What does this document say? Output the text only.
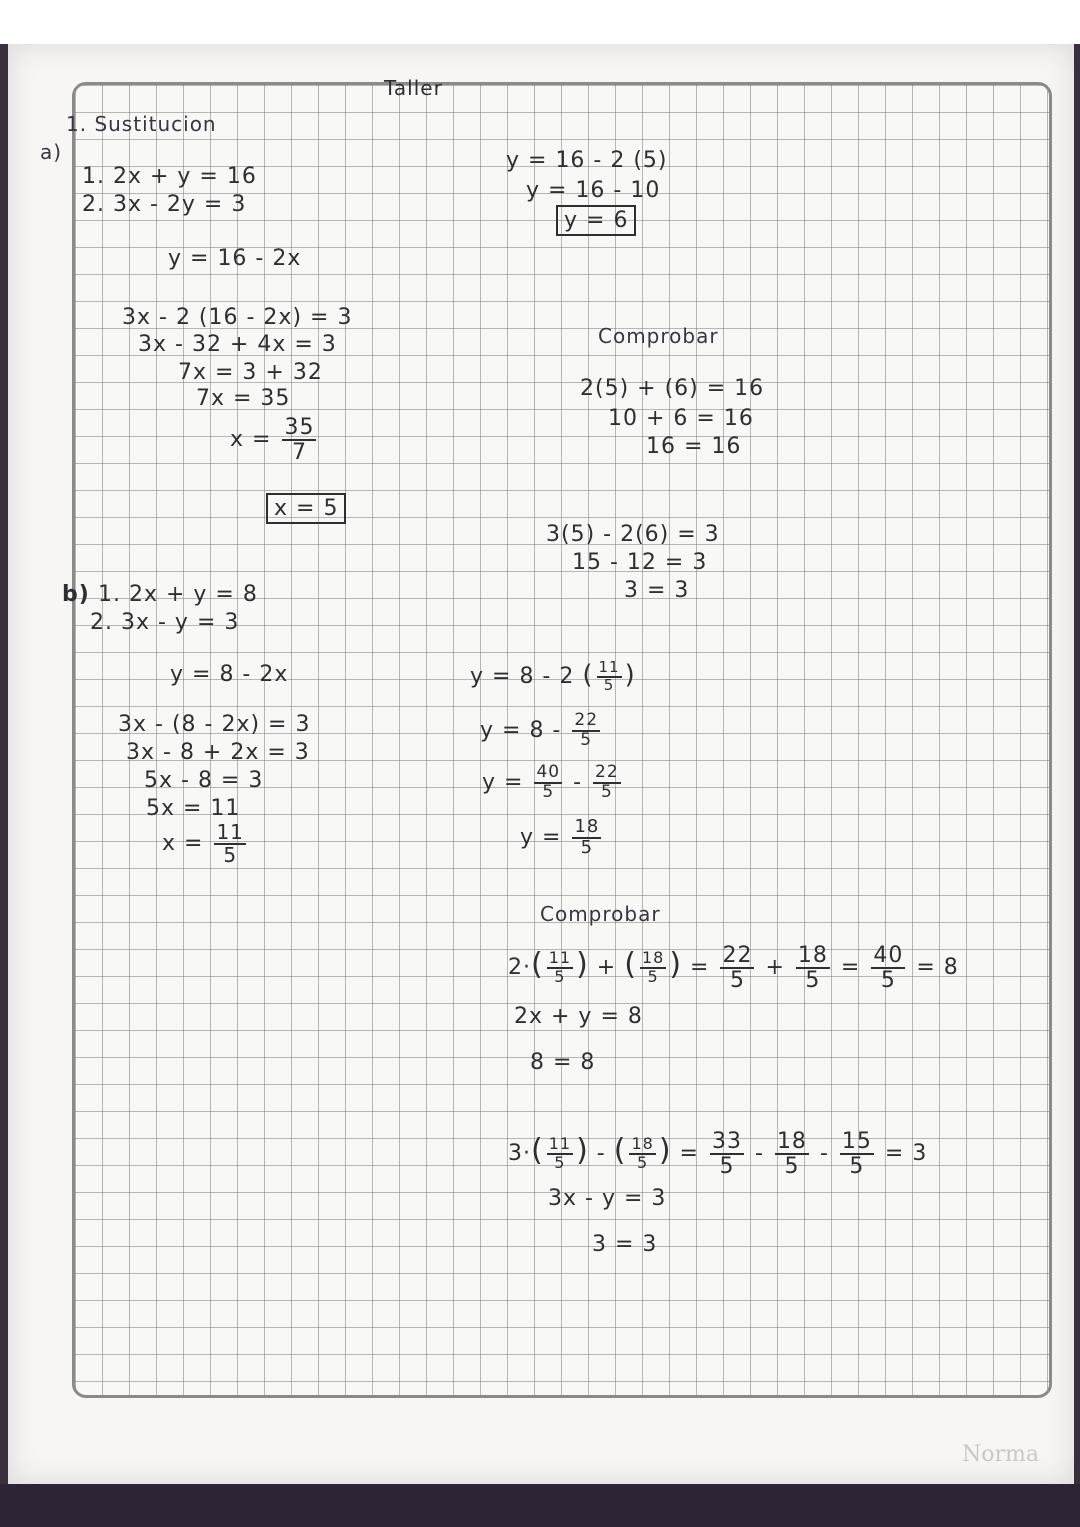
Norma
Taller
1. Sustitucion
a)
1. 2x + y = 16
2. 3x - 2y = 3
y = 16 - 2x
3x - 2 (16 - 2x) = 3
3x - 32 + 4x = 3
7x = 3 + 32
7x = 35
$x = \frac{35}{7}$
x = 5
y = 16 - 2 (5)
y = 16 - 10
y = 6
Comprobar
2(5) + (6) = 16
10 + 6 = 16
16 = 16
3(5) - 2(6) = 3
15 - 12 = 3
3 = 3
b) 1. 2x + y = 8
2. 3x - y = 3
y = 8 - 2x
3x - (8 - 2x) = 3
3x - 8 + 2x = 3
5x - 8 = 3
5x = 11
$x = \frac{11}{5}$
y = 8 - 2 ( $\frac{11}{5}$ )
$y = 8 - \frac{22}{5}$
$y = \frac{40}{5} - \frac{22}{5}$
$y = \frac{18}{5}$
Comprobar
$2\cdot( \frac{11}{5}$ ) + ( $\frac{18}{5}$ ) = $\frac{22}{5} + \frac{18}{5} = \frac{40}{5} = 8$
2x + y = 8
8 = 8
$3\cdot( \frac{11}{5}$ ) - ( $\frac{18}{5}$ ) = $\frac{33}{5} - \frac{18}{5} - \frac{15}{5} = 3$
3x - y = 3
3 = 3
